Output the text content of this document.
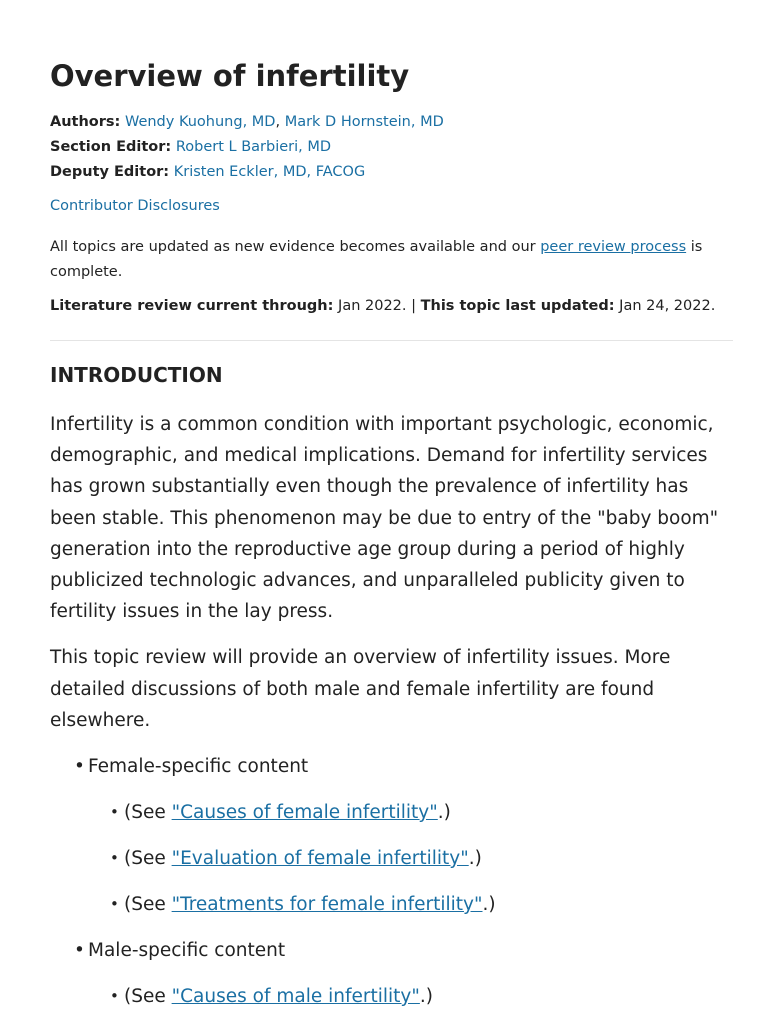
Overview of infertility
Authors: Wendy Kuohung, MD, Mark D Hornstein, MD
Section Editor: Robert L Barbieri, MD
Deputy Editor: Kristen Eckler, MD, FACOG
Contributor Disclosures
All topics are updated as new evidence becomes available and our peer review process is complete.
Literature review current through: Jan 2022. | This topic last updated: Jan 24, 2022.
INTRODUCTION

Infertility is a common condition with important psychologic, economic, demographic, and medical implications. Demand for infertility services has grown substantially even though the prevalence of infertility has been stable. This phenomenon may be due to entry of the "baby boom" generation into the reproductive age group during a period of highly publicized technologic advances, and unparalleled publicity given to fertility issues in the lay press.

This topic review will provide an overview of infertility issues. More detailed discussions of both male and female infertility are found elsewhere.

• Female-specific content
• (See "Causes of female infertility".)
• (See "Evaluation of female infertility".)
• (See "Treatments for female infertility".)
• Male-specific content
• (See "Causes of male infertility".)
